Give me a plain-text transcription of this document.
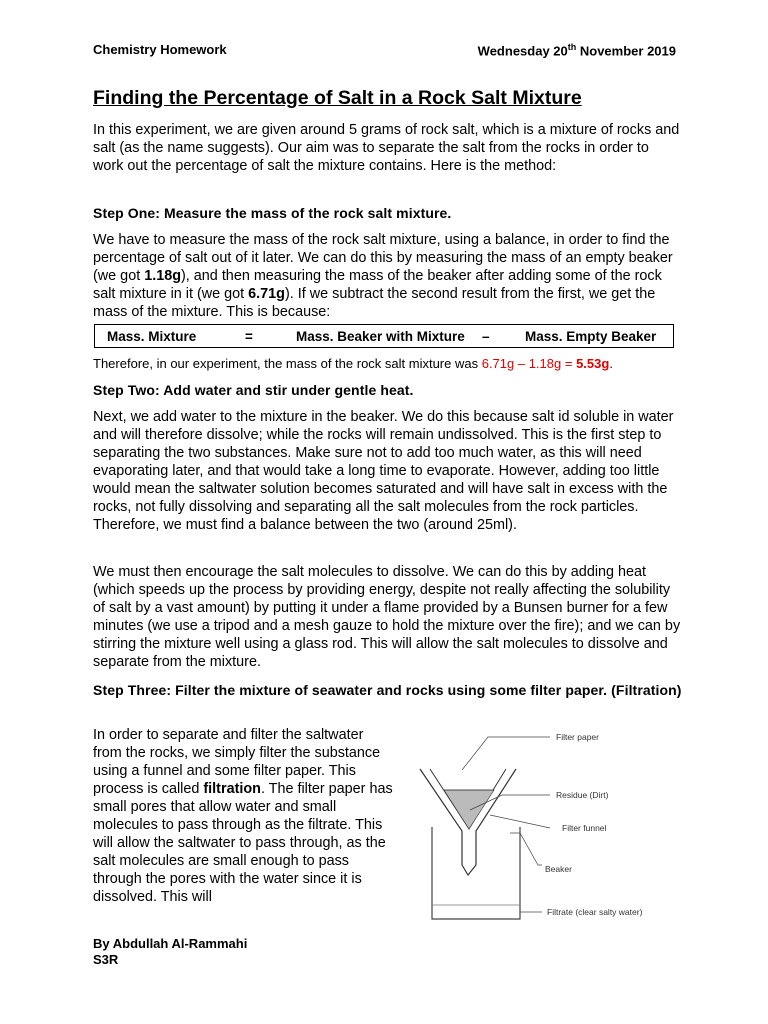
Chemistry Homework	Wednesday 20th November 2019
Finding the Percentage of Salt in a Rock Salt Mixture
In this experiment, we are given around 5 grams of rock salt, which is a mixture of rocks and salt (as the name suggests). Our aim was to separate the salt from the rocks in order to work out the percentage of salt the mixture contains. Here is the method:
Step One: Measure the mass of the rock salt mixture.
We have to measure the mass of the rock salt mixture, using a balance, in order to find the percentage of salt out of it later. We can do this by measuring the mass of an empty beaker (we got 1.18g), and then measuring the mass of the beaker after adding some of the rock salt mixture in it (we got 6.71g). If we subtract the second result from the first, we get the mass of the mixture. This is because:
Mass. Mixture	=	Mass. Beaker with Mixture –	Mass. Empty Beaker
Therefore, in our experiment, the mass of the rock salt mixture was 6.71g – 1.18g = 5.53g.
Step Two: Add water and stir under gentle heat.
Next, we add water to the mixture in the beaker. We do this because salt id soluble in water and will therefore dissolve; while the rocks will remain undissolved. This is the first step to separating the two substances. Make sure not to add too much water, as this will need evaporating later, and that would take a long time to evaporate. However, adding too little would mean the saltwater solution becomes saturated and will have salt in excess with the rocks, not fully dissolving and separating all the salt molecules from the rock particles. Therefore, we must find a balance between the two (around 25ml).
We must then encourage the salt molecules to dissolve. We can do this by adding heat (which speeds up the process by providing energy, despite not really affecting the solubility of salt by a vast amount) by putting it under a flame provided by a Bunsen burner for a few minutes (we use a tripod and a mesh gauze to hold the mixture over the fire); and we can by stirring the mixture well using a glass rod. This will allow the salt molecules to dissolve and separate from the mixture.
Step Three: Filter the mixture of seawater and rocks using some filter paper. (Filtration)
In order to separate and filter the saltwater from the rocks, we simply filter the substance using a funnel and some filter paper. This process is called filtration. The filter paper has small pores that allow water and small molecules to pass through as the filtrate. This will allow the saltwater to pass through, as the salt molecules are small enough to pass through the pores with the water since it is dissolved. This will
Filter paper
Residue (Dirt)
Filter funnel
Beaker
Filtrate (clear salty water)
By Abdullah Al-Rammahi
S3R
